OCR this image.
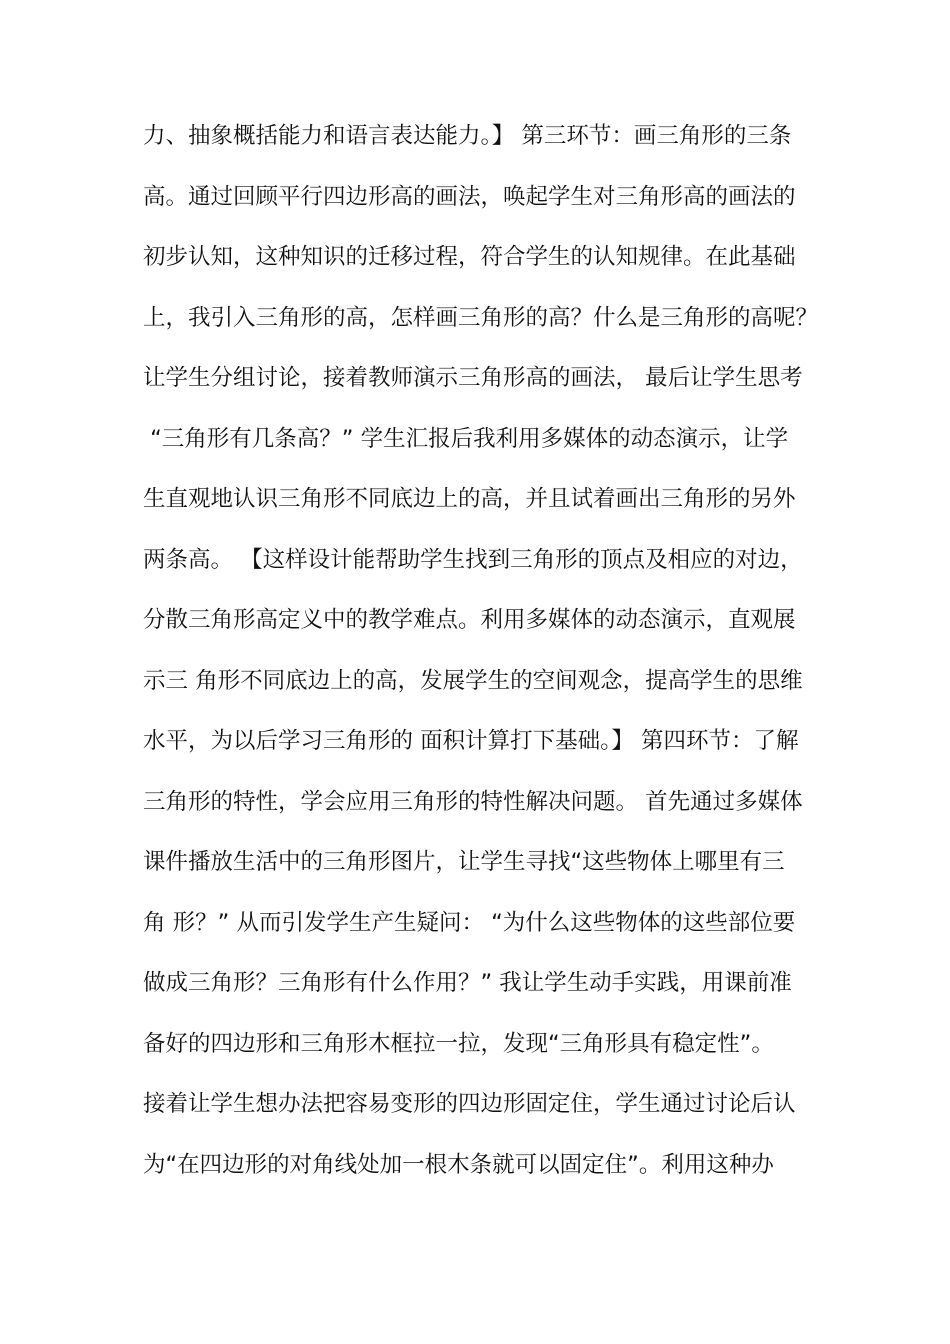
力、抽象概括能力和语言表达能力。】 第三环节：画三角形的三条
高。通过回顾平行四边形高的画法，唤起学生对三角形高的画法的
初步认知，这种知识的迁移过程，符合学生的认知规律。在此基础
上，我引入三角形的高，怎样画三角形的高？什么是三角形的高呢？
让学生分组讨论，接着教师演示三角形高的画法， 最后让学生思考
“三角形有几条高？” 学生汇报后我利用多媒体的动态演示，让学
生直观地认识三角形不同底边上的高，并且试着画出三角形的另外
两条高。 【这样设计能帮助学生找到三角形的顶点及相应的对边，
分散三角形高定义中的教学难点。利用多媒体的动态演示，直观展
示三 角形不同底边上的高，发展学生的空间观念，提高学生的思维
水平，为以后学习三角形的 面积计算打下基础。】 第四环节：了解
三角形的特性，学会应用三角形的特性解决问题。 首先通过多媒体
课件播放生活中的三角形图片，让学生寻找“这些物体上哪里有三
角 形？” 从而引发学生产生疑问： “为什么这些物体的这些部位要
做成三角形？三角形有什么作用？” 我让学生动手实践，用课前准
备好的四边形和三角形木框拉一拉，发现“三角形具有稳定性”。
接着让学生想办法把容易变形的四边形固定住，学生通过讨论后认
为“在四边形的对角线处加一根木条就可以固定住”。利用这种办
